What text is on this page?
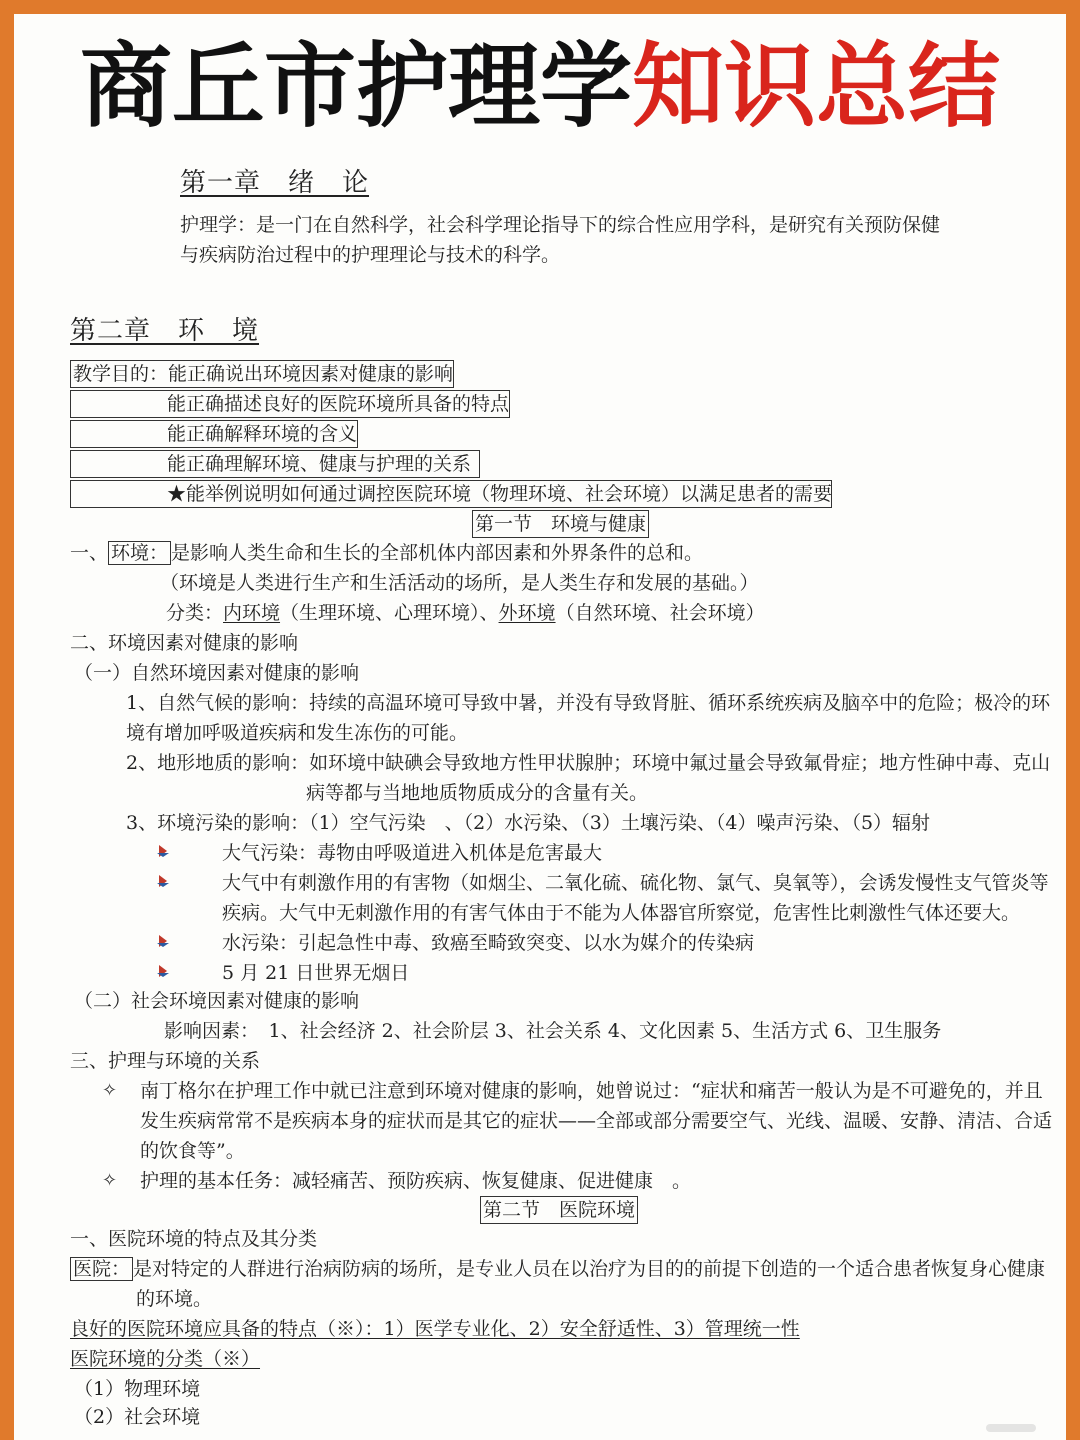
商丘市护理学知识总结
第一章　绪　论
护理学：是一门在自然科学，社会科学理论指导下的综合性应用学科，是研究有关预防保健
与疾病防治过程中的护理理论与技术的科学。
第二章　环　境
教学目的：能正确说出环境因素对健康的影响
能正确描述良好的医院环境所具备的特点
能正确解释环境的含义
能正确理解环境、健康与护理的关系
★能举例说明如何通过调控医院环境（物理环境、社会环境）以满足患者的需要
第一节　环境与健康
一、 环境： 是影响人类生命和生长的全部机体内部因素和外界条件的总和。
（环境是人类进行生产和生活活动的场所，是人类生存和发展的基础。）
分类：内环境（生理环境、心理环境）、外环境（自然环境、社会环境）
二、环境因素对健康的影响
（一）自然环境因素对健康的影响
1、自然气候的影响：持续的高温环境可导致中暑，并没有导致肾脏、循环系统疾病及脑卒中的危险；极冷的环
境有增加呼吸道疾病和发生冻伤的可能。
2、地形地质的影响：如环境中缺碘会导致地方性甲状腺肿；环境中氟过量会导致氟骨症；地方性砷中毒、克山
病等都与当地地质物质成分的含量有关。
3、环境污染的影响：（1）空气污染　、（2）水污染、（3）土壤污染、（4）噪声污染、（5）辐射
大气污染：毒物由呼吸道进入机体是危害最大
大气中有刺激作用的有害物（如烟尘、二氧化硫、硫化物、氯气、臭氧等），会诱发慢性支气管炎等
疾病。大气中无刺激作用的有害气体由于不能为人体器官所察觉，危害性比刺激性气体还要大。
水污染：引起急性中毒、致癌至畸致突变、以水为媒介的传染病
5 月 21 日世界无烟日
（二）社会环境因素对健康的影响
影响因素：　1、社会经济 2、社会阶层 3、社会关系 4、文化因素 5、生活方式 6、卫生服务
三、护理与环境的关系
✧ 南丁格尔在护理工作中就已注意到环境对健康的影响，她曾说过：“症状和痛苦一般认为是不可避免的，并且
发生疾病常常不是疾病本身的症状而是其它的症状——全部或部分需要空气、光线、温暖、安静、清洁、合适
的饮食等”。
✧ 护理的基本任务：减轻痛苦、预防疾病、恢复健康、促进健康　。
第二节　医院环境
一、医院环境的特点及其分类
医院： 是对特定的人群进行治病防病的场所，是专业人员在以治疗为目的的前提下创造的一个适合患者恢复身心健康
的环境。
良好的医院环境应具备的特点（※）：1）医学专业化、2）安全舒适性、3）管理统一性
医院环境的分类（※）
（1）物理环境
（2）社会环境
